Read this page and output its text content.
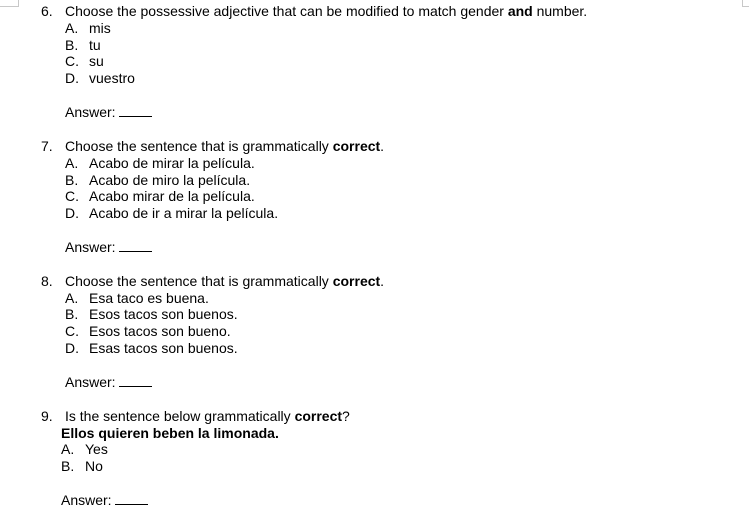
6. Choose the possessive adjective that can be modified to match gender and number.
A. mis
B. tu
C. su
D. vuestro
Answer:
7. Choose the sentence that is grammatically correct.
A. Acabo de mirar la película.
B. Acabo de miro la película.
C. Acabo mirar de la película.
D. Acabo de ir a mirar la película.
Answer:
8. Choose the sentence that is grammatically correct.
A. Esa taco es buena.
B. Esos tacos son buenos.
C. Esos tacos son bueno.
D. Esas tacos son buenos.
Answer:
9. Is the sentence below grammatically correct?
Ellos quieren beben la limonada.
A. Yes
B. No
Answer:
